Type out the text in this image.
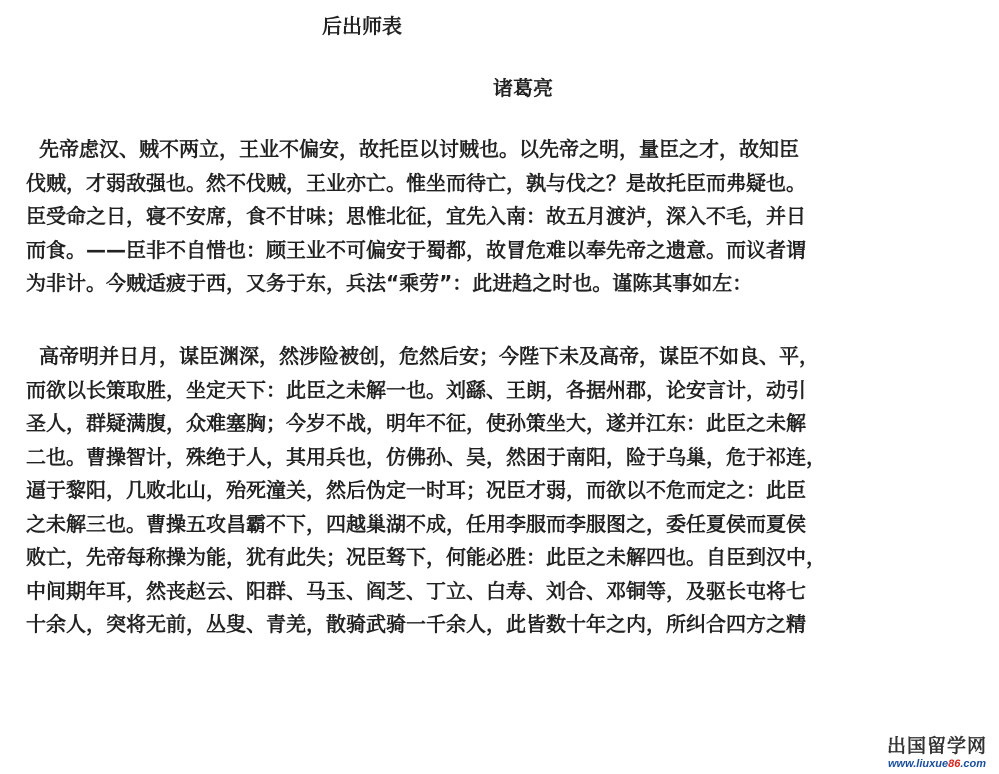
后出师表
诸葛亮
先帝虑汉、贼不两立，王业不偏安，故托臣以讨贼也。以先帝之明，量臣之才，故知臣
伐贼，才弱敌强也。然不伐贼，王业亦亡。惟坐而待亡，孰与伐之？是故托臣而弗疑也。
臣受命之日，寝不安席，食不甘味；思惟北征，宜先入南：故五月渡泸，深入不毛，并日
而食。——臣非不自惜也：顾王业不可偏安于蜀都，故冒危难以奉先帝之遗意。而议者谓
为非计。今贼适疲于西，又务于东，兵法“乘劳”：此进趋之时也。谨陈其事如左：
高帝明并日月，谋臣渊深，然涉险被创，危然后安；今陛下未及高帝，谋臣不如良、平，
而欲以长策取胜，坐定天下：此臣之未解一也。刘繇、王朗，各据州郡，论安言计，动引
圣人，群疑满腹，众难塞胸；今岁不战，明年不征，使孙策坐大，遂并江东：此臣之未解
二也。曹操智计，殊绝于人，其用兵也，仿佛孙、吴，然困于南阳，险于乌巢，危于祁连，
逼于黎阳，几败北山，殆死潼关，然后伪定一时耳；况臣才弱，而欲以不危而定之：此臣
之未解三也。曹操五攻昌霸不下，四越巢湖不成，任用李服而李服图之，委任夏侯而夏侯
败亡，先帝每称操为能，犹有此失；况臣驽下，何能必胜：此臣之未解四也。自臣到汉中，
中间期年耳，然丧赵云、阳群、马玉、阎芝、丁立、白寿、刘合、邓铜等，及驱长屯将七
十余人，突将无前，丛叟、青羌，散骑武骑一千余人，此皆数十年之内，所纠合四方之精
出国留学网
www.liuxue86.com
